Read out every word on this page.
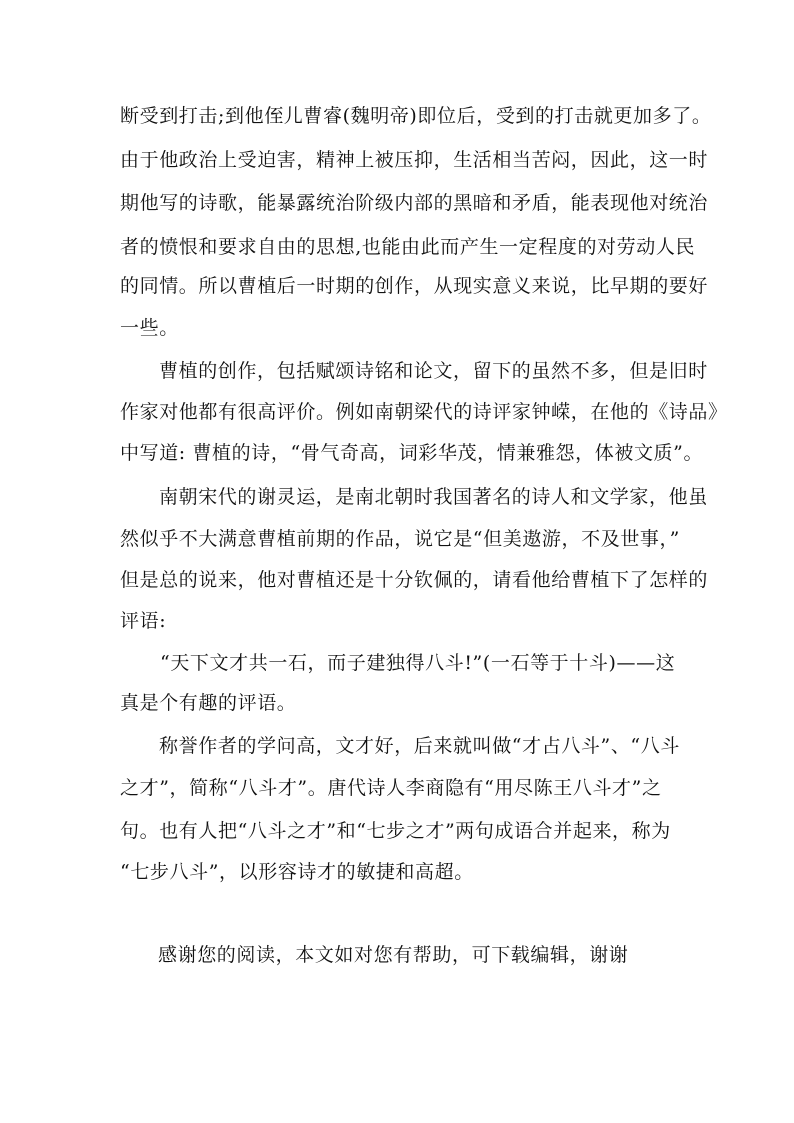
断受到打击;到他侄儿曹睿(魏明帝)即位后，受到的打击就更加多了。
由于他政治上受迫害，精神上被压抑，生活相当苦闷，因此，这一时
期他写的诗歌，能暴露统治阶级内部的黑暗和矛盾，能表现他对统治
者的愤恨和要求自由的思想,也能由此而产生一定程度的对劳动人民
的同情。所以曹植后一时期的创作，从现实意义来说，比早期的要好
一些。
曹植的创作，包括赋颂诗铭和论文，留下的虽然不多，但是旧时
作家对他都有很高评价。例如南朝梁代的诗评家钟嵘，在他的《诗品》
中写道: 曹植的诗，“骨气奇高，词彩华茂，情兼雅怨，体被文质”。
南朝宋代的谢灵运，是南北朝时我国著名的诗人和文学家，他虽
然似乎不大满意曹植前期的作品，说它是“但美遨游，不及世事，”
但是总的说来，他对曹植还是十分钦佩的，请看他给曹植下了怎样的
评语:
“天下文才共一石，而子建独得八斗!”(一石等于十斗)——这
真是个有趣的评语。
称誉作者的学问高，文才好，后来就叫做“才占八斗”、“八斗
之才”，简称“八斗才”。唐代诗人李商隐有“用尽陈王八斗才”之
句。也有人把“八斗之才”和“七步之才”两句成语合并起来，称为
“七步八斗”，以形容诗才的敏捷和高超。
感谢您的阅读，本文如对您有帮助，可下载编辑，谢谢
